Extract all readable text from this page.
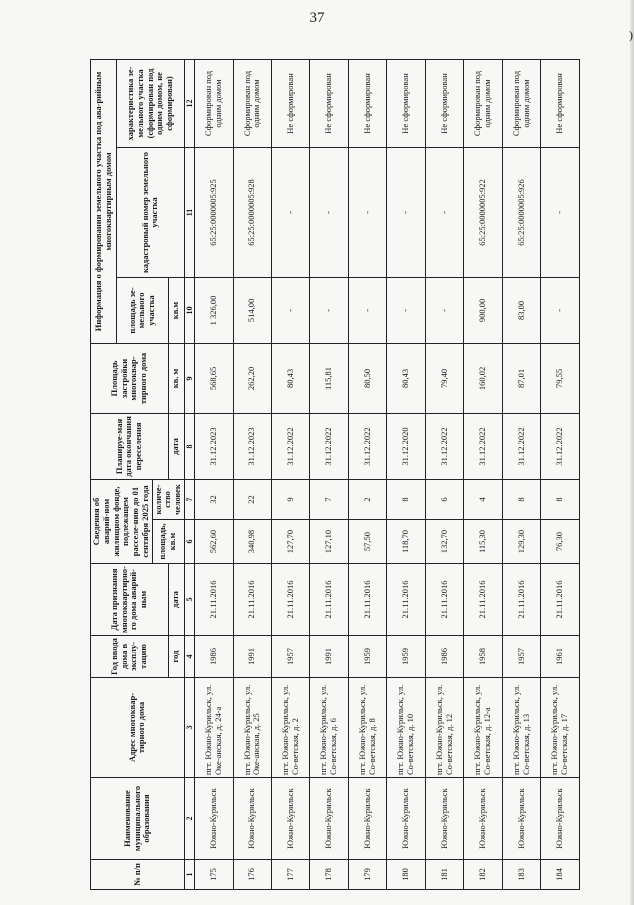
37
)
№ п/п	Наименование муниципального образования	Адрес многоквар-тирного дома	Год ввода дома в эксплу-тацию	Дата признания многоквартирно-го дома аварий-ным	Сведения об аварий-ном жилищном фонде, подлежащем расселе-нию до 01 сентября 2025 года		Планируе-мая дата окончания переселения	Площадь застройки многоквар-тирного дома	Информация о формировании земельного участка под ава-рийным многоквартирным домом		
									площадь зе-мельного участка	кадастровый номер земельного участка	характеристика зе-мельного участка (сформирован под одним домом, не сформирован)
					площадь, кв.м	количе-ство человек					
			год	дата			дата	кв. м	кв.м		
1	2	3	4	5	6	7	8	9	10	11	12
175	Южно-Курильск	пгт. Южно-Курильск, ул. Оке-анская, д. 24-а	1986	21.11.2016	562,60	32	31.12.2023	568,65	1 326,00	65:25:0000005:925	Сформирован под одним домом
176	Южно-Курильск	пгт. Южно-Курильск, ул. Оке-анская, д. 25	1991	21.11.2016	340,98	22	31.12.2023	262,20	514,00	65:25:0000005:928	Сформирован под одним домом
177	Южно-Курильск	пгт. Южно-Курильск, ул. Со-ветская, д. 2	1957	21.11.2016	127,70	9	31.12.2022	80,43	-	-	Не сформирован
178	Южно-Курильск	пгт. Южно-Курильск, ул. Со-ветская, д. 6	1991	21.11.2016	127,10	7	31.12.2022	115,81	-	-	Не сформирован
179	Южно-Курильск	пгт. Южно-Курильск, ул. Со-ветская, д. 8	1959	21.11.2016	57,50	2	31.12.2022	80,50	-	-	Не сформирован
180	Южно-Курильск	пгт. Южно-Курильск, ул. Со-ветская, д. 10	1959	21.11.2016	118,70	8	31.12.2020	80,43	-	-	Не сформирован
181	Южно-Курильск	пгт. Южно-Курильск, ул. Со-ветская, д. 12	1986	21.11.2016	132,70	6	31.12.2022	79,40	-	-	Не сформирован
182	Южно-Курильск	пгт. Южно-Курильск, ул. Со-ветская, д. 12-а	1958	21.11.2016	115,30	4	31.12.2022	160,02	900,00	65:25:0000005:922	Сформирован под одним домом
183	Южно-Курильск	пгт. Южно-Курильск, ул. Со-ветская, д. 13	1957	21.11.2016	129,30	8	31.12.2022	87,01	83,00	65:25:0000005:926	Сформирован под одним домом
184	Южно-Курильск	пгт. Южно-Курильск, ул. Со-ветская, д. 17	1961	21.11.2016	76,30	8	31.12.2022	79,55	-	-	Не сформирован
